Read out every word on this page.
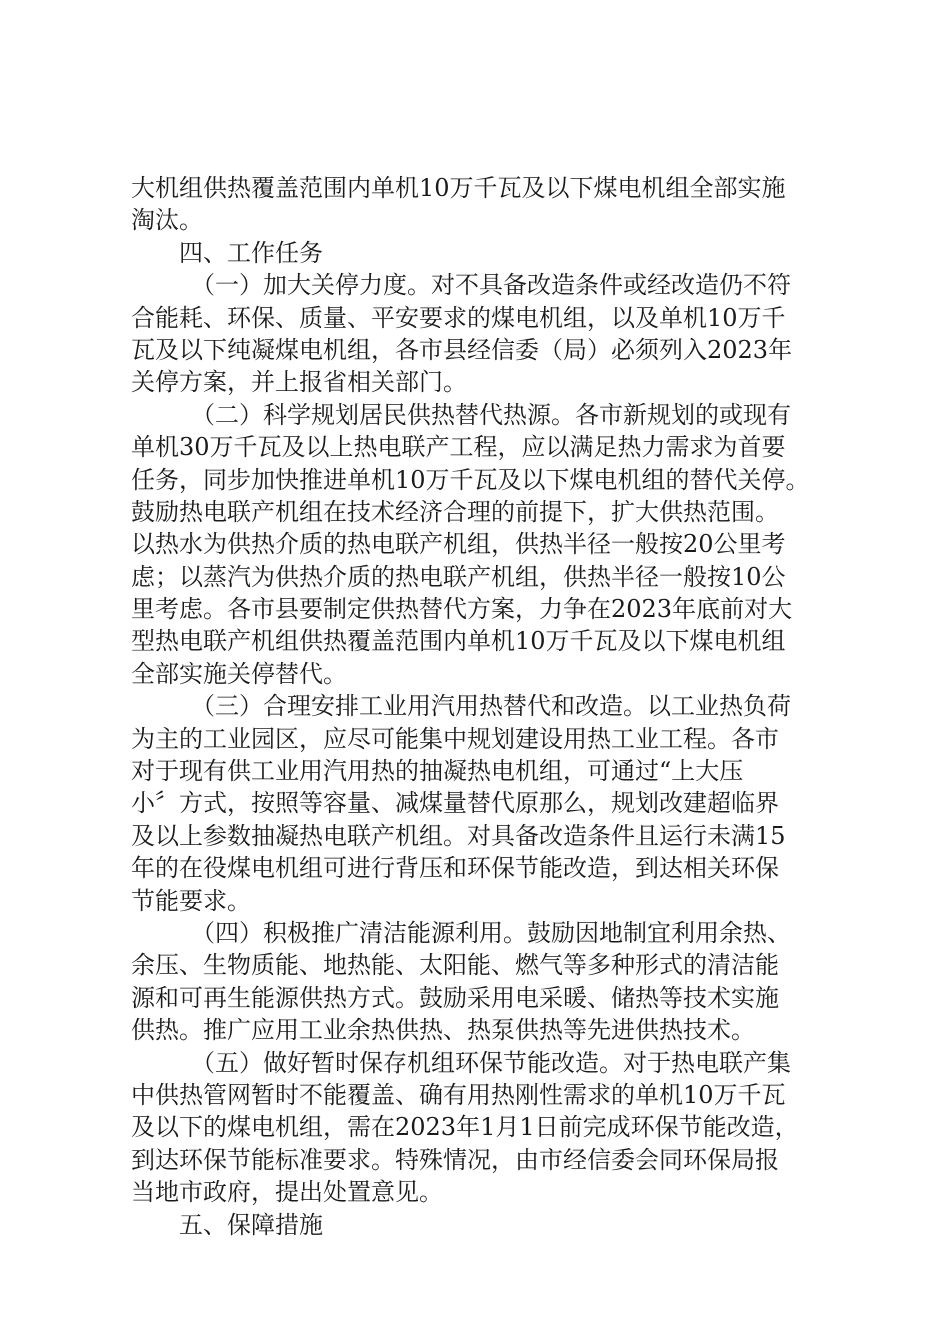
大机组供热覆盖范围内单机10万千瓦及以下煤电机组全部实施
淘汰。
四、工作任务
（一）加大关停力度。对不具备改造条件或经改造仍不符
合能耗、环保、质量、平安要求的煤电机组，以及单机10万千
瓦及以下纯凝煤电机组，各市县经信委（局）必须列入2023年
关停方案，并上报省相关部门。
（二）科学规划居民供热替代热源。各市新规划的或现有
单机30万千瓦及以上热电联产工程，应以满足热力需求为首要
任务，同步加快推进单机10万千瓦及以下煤电机组的替代关停。
鼓励热电联产机组在技术经济合理的前提下，扩大供热范围。
以热水为供热介质的热电联产机组，供热半径一般按20公里考
虑；以蒸汽为供热介质的热电联产机组，供热半径一般按10公
里考虑。各市县要制定供热替代方案，力争在2023年底前对大
型热电联产机组供热覆盖范围内单机10万千瓦及以下煤电机组
全部实施关停替代。
（三）合理安排工业用汽用热替代和改造。以工业热负荷
为主的工业园区，应尽可能集中规划建设用热工业工程。各市
对于现有供工业用汽用热的抽凝热电机组，可通过“上大压
小〞方式，按照等容量、减煤量替代原那么，规划改建超临界
及以上参数抽凝热电联产机组。对具备改造条件且运行未满15
年的在役煤电机组可进行背压和环保节能改造，到达相关环保
节能要求。
（四）积极推广清洁能源利用。鼓励因地制宜利用余热、
余压、生物质能、地热能、太阳能、燃气等多种形式的清洁能
源和可再生能源供热方式。鼓励采用电采暖、储热等技术实施
供热。推广应用工业余热供热、热泵供热等先进供热技术。
（五）做好暂时保存机组环保节能改造。对于热电联产集
中供热管网暂时不能覆盖、确有用热刚性需求的单机10万千瓦
及以下的煤电机组，需在2023年1月1日前完成环保节能改造，
到达环保节能标准要求。特殊情况，由市经信委会同环保局报
当地市政府，提出处置意见。
五、保障措施
